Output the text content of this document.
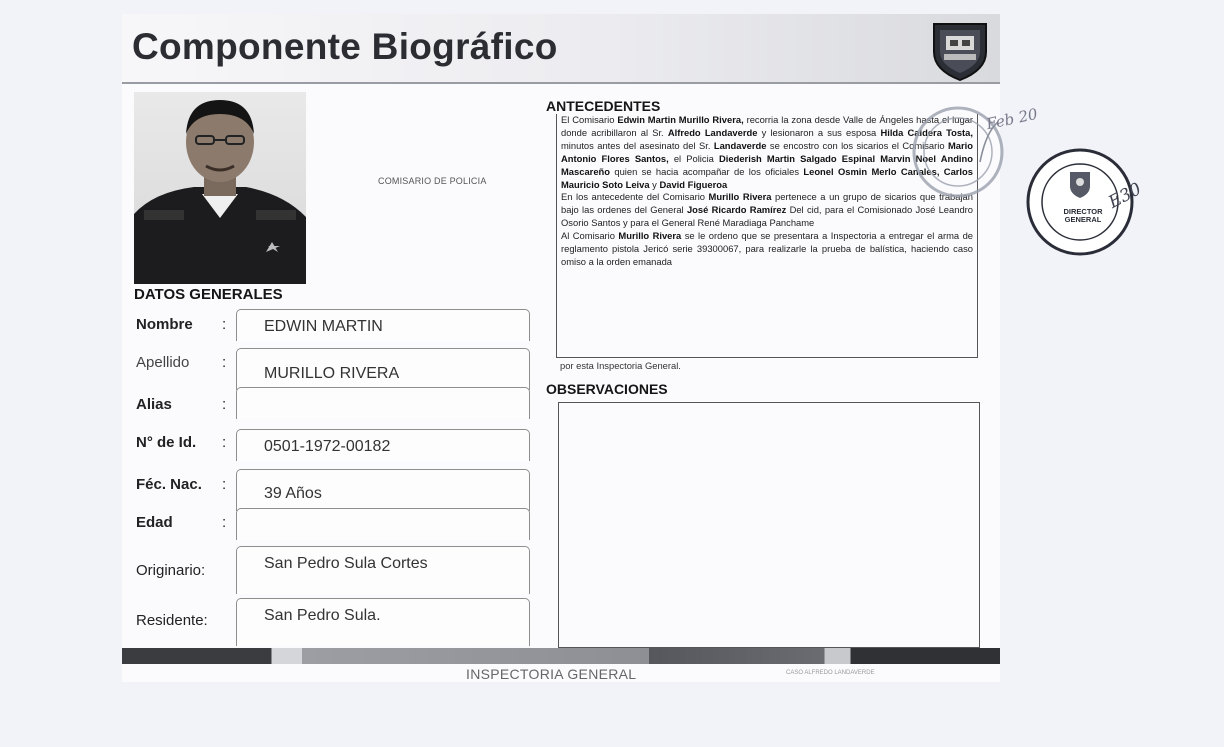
Componente Biográfico
COMISARIO DE POLICIA
DATOS GENERALES
Nombre :	EDWIN MARTIN
Apellido :
MURILLO RIVERA
Alias	:
N° de Id. :	0501-1972-00182
Féc. Nac. :
39 Años
Edad	:
Originario:	San Pedro Sula Cortes
Residente:	San Pedro Sula.
ANTECEDENTES

El Comisario Edwin Martin Murillo Rivera, recorria la zona desde Valle de Ángeles hasta el lugar donde acribillaron al Sr. Alfredo Landaverde y lesionaron a sus esposa Hilda Caldera Tosta, minutos antes del asesinato del Sr. Landaverde se encostro con los sicarios el Comisario Mario Antonio Flores Santos, el Policia Diederish Martin Salgado Espinal Marvin Noel Andino Mascareño quien se hacia acompañar de los oficiales Leonel Osmin Merlo Canales, Carlos Mauricio Soto Leiva y David Figueroa

En los antecedente del Comisario Murillo Rivera pertenece a un grupo de sicarios que trabajan bajo las ordenes del General José Ricardo Ramírez Del cid, para el Comisionado José Leandro Osorio Santos y para el General René Maradiaga Panchame

Al Comisario Murillo Rivera se le ordeno que se presentara a Inspectoria a entregar el arma de reglamento pistola Jericó serie 39300067, para realizarle la prueba de balística, haciendo caso omiso a la orden emanada

por esta Inspectoria General.
OBSERVACIONES
INSPECTORIA GENERAL	CASO ALFREDO LANDAVERDE
Feb 20
DIRECTOR GENERAL
E30
